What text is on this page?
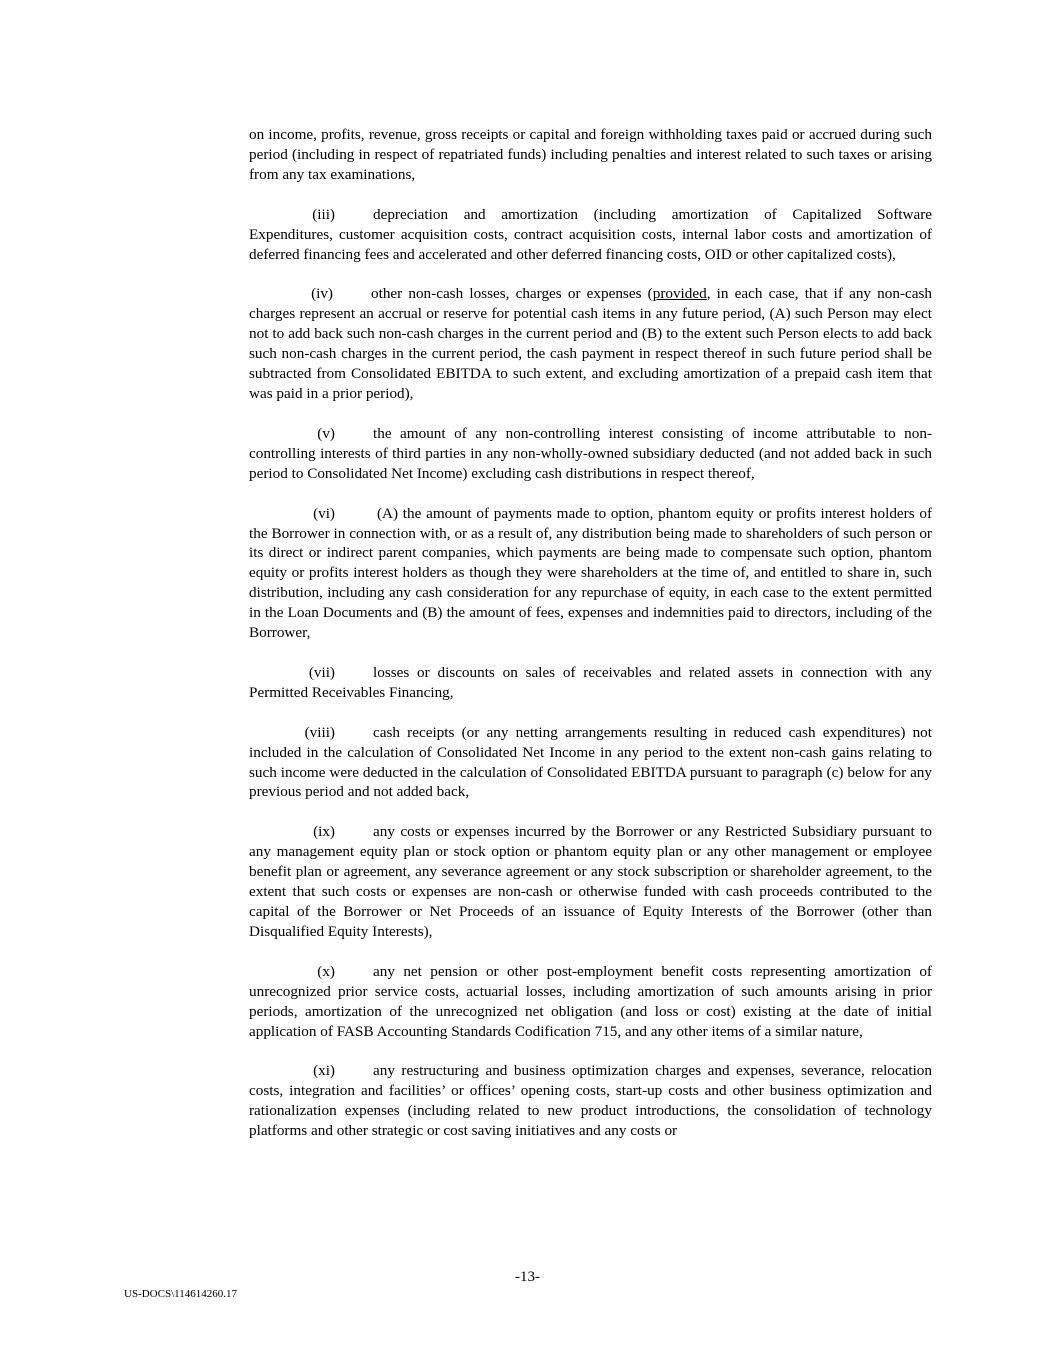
on income, profits, revenue, gross receipts or capital and foreign withholding taxes paid or accrued during such period (including in respect of repatriated funds) including penalties and interest related to such taxes or arising from any tax examinations,

(iii)	depreciation and amortization (including amortization of Capitalized Software Expenditures, customer acquisition costs, contract acquisition costs, internal labor costs and amortization of deferred financing fees and accelerated and other deferred financing costs, OID or other capitalized costs),

(iv)	other non-cash losses, charges or expenses (provided, in each case, that if any non-cash charges represent an accrual or reserve for potential cash items in any future period, (A) such Person may elect not to add back such non-cash charges in the current period and (B) to the extent such Person elects to add back such non-cash charges in the current period, the cash payment in respect thereof in such future period shall be subtracted from Consolidated EBITDA to such extent, and excluding amortization of a prepaid cash item that was paid in a prior period),

(v)	the amount of any non-controlling interest consisting of income attributable to non-controlling interests of third parties in any non-wholly-owned subsidiary deducted (and not added back in such period to Consolidated Net Income) excluding cash distributions in respect thereof,

(vi)	(A) the amount of payments made to option, phantom equity or profits interest holders of the Borrower in connection with, or as a result of, any distribution being made to shareholders of such person or its direct or indirect parent companies, which payments are being made to compensate such option, phantom equity or profits interest holders as though they were shareholders at the time of, and entitled to share in, such distribution, including any cash consideration for any repurchase of equity, in each case to the extent permitted in the Loan Documents and (B) the amount of fees, expenses and indemnities paid to directors, including of the Borrower,

(vii)	losses or discounts on sales of receivables and related assets in connection with any Permitted Receivables Financing,

(viii)	cash receipts (or any netting arrangements resulting in reduced cash expenditures) not included in the calculation of Consolidated Net Income in any period to the extent non-cash gains relating to such income were deducted in the calculation of Consolidated EBITDA pursuant to paragraph (c) below for any previous period and not added back,

(ix)	any costs or expenses incurred by the Borrower or any Restricted Subsidiary pursuant to any management equity plan or stock option or phantom equity plan or any other management or employee benefit plan or agreement, any severance agreement or any stock subscription or shareholder agreement, to the extent that such costs or expenses are non-cash or otherwise funded with cash proceeds contributed to the capital of the Borrower or Net Proceeds of an issuance of Equity Interests of the Borrower (other than Disqualified Equity Interests),

(x)	any net pension or other post-employment benefit costs representing amortization of unrecognized prior service costs, actuarial losses, including amortization of such amounts arising in prior periods, amortization of the unrecognized net obligation (and loss or cost) existing at the date of initial application of FASB Accounting Standards Codification 715, and any other items of a similar nature,

(xi)	any restructuring and business optimization charges and expenses, severance, relocation costs, integration and facilities’ or offices’ opening costs, start-up costs and other business optimization and rationalization expenses (including related to new product introductions, the consolidation of technology platforms and other strategic or cost saving initiatives and any costs or

-13-
US-DOCS\114614260.17
